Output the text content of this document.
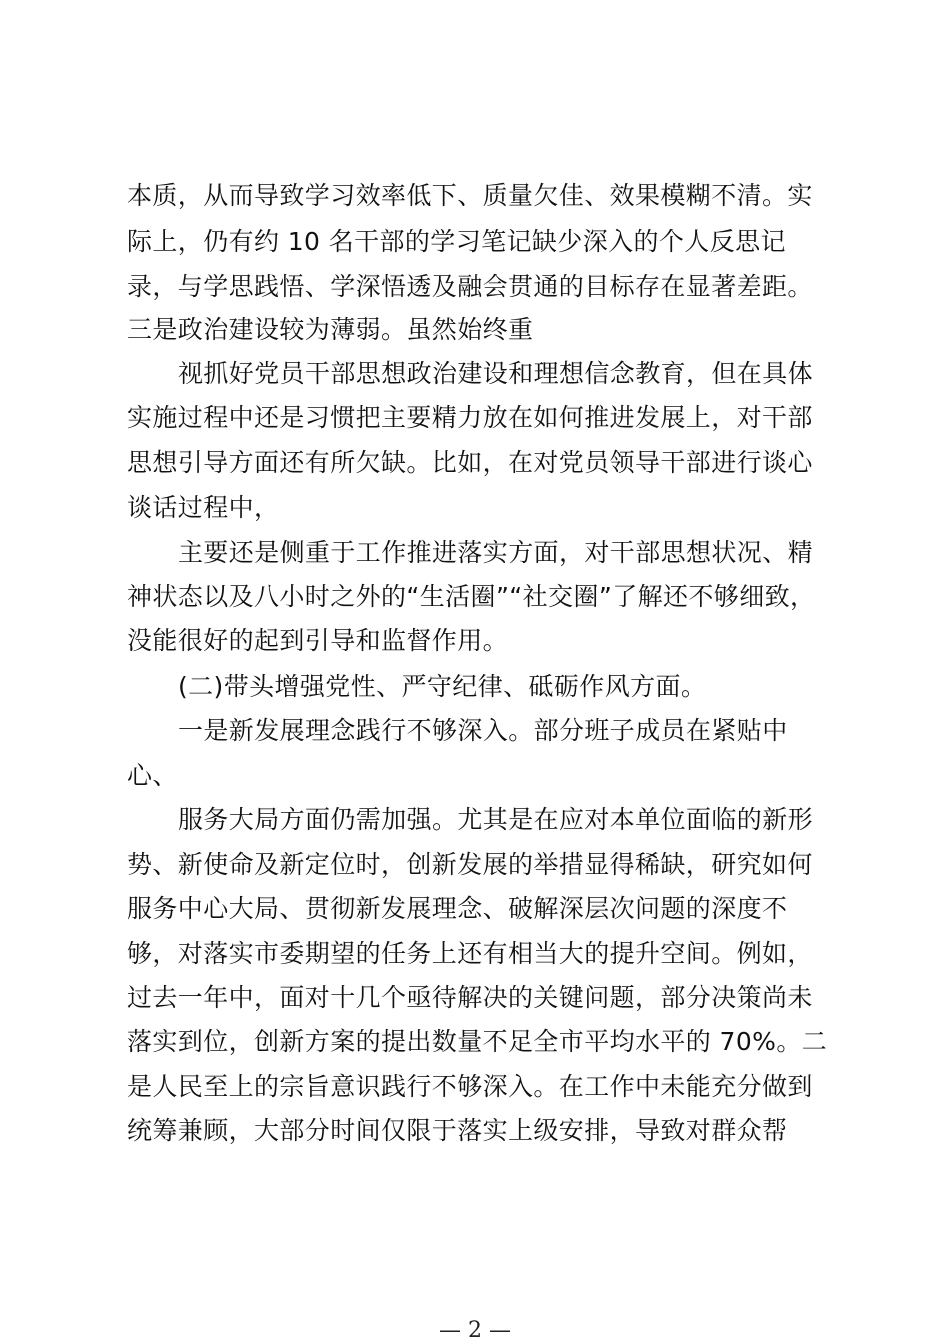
本质，从而导致学习效率低下、质量欠佳、效果模糊不清。实
际上，仍有约 10 名干部的学习笔记缺少深入的个人反思记
录，与学思践悟、学深悟透及融会贯通的目标存在显著差距。
三是政治建设较为薄弱。虽然始终重
视抓好党员干部思想政治建设和理想信念教育，但在具体
实施过程中还是习惯把主要精力放在如何推进发展上，对干部
思想引导方面还有所欠缺。比如，在对党员领导干部进行谈心
谈话过程中，
主要还是侧重于工作推进落实方面，对干部思想状况、精
神状态以及八小时之外的“生活圈”“社交圈”了解还不够细致，
没能很好的起到引导和监督作用。
(二)带头增强党性、严守纪律、砥砺作风方面。
一是新发展理念践行不够深入。部分班子成员在紧贴中
心、
服务大局方面仍需加强。尤其是在应对本单位面临的新形
势、新使命及新定位时，创新发展的举措显得稀缺，研究如何
服务中心大局、贯彻新发展理念、破解深层次问题的深度不
够，对落实市委期望的任务上还有相当大的提升空间。例如，
过去一年中，面对十几个亟待解决的关键问题，部分决策尚未
落实到位，创新方案的提出数量不足全市平均水平的 70%。二
是人民至上的宗旨意识践行不够深入。在工作中未能充分做到
统筹兼顾，大部分时间仅限于落实上级安排，导致对群众帮
— 2 —
